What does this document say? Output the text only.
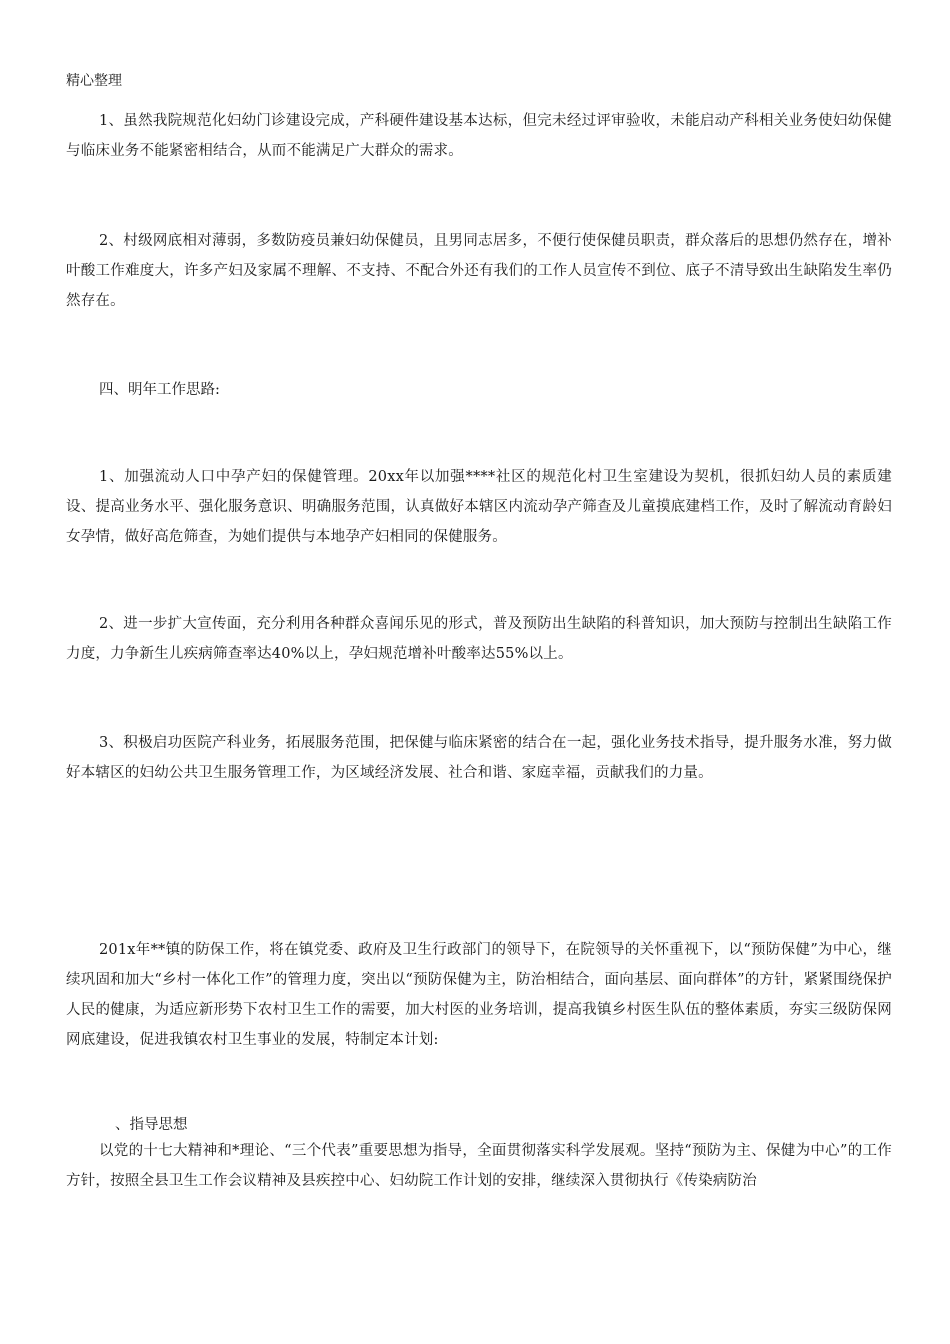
精心整理

1、虽然我院规范化妇幼门诊建设完成，产科硬件建设基本达标，但完未经过评审验收，未能启动产科相关业务使妇幼保健与临床业务不能紧密相结合，从而不能满足广大群众的需求。

2、村级网底相对薄弱，多数防疫员兼妇幼保健员，且男同志居多，不便行使保健员职责，群众落后的思想仍然存在，增补叶酸工作难度大，许多产妇及家属不理解、不支持、不配合外还有我们的工作人员宣传不到位、底子不清导致出生缺陷发生率仍然存在。

四、明年工作思路:

1、加强流动人口中孕产妇的保健管理。20xx年以加强****社区的规范化村卫生室建设为契机，很抓妇幼人员的素质建设、提高业务水平、强化服务意识、明确服务范围，认真做好本辖区内流动孕产筛查及儿童摸底建档工作，及时了解流动育龄妇女孕情，做好高危筛查，为她们提供与本地孕产妇相同的保健服务。

2、进一步扩大宣传面，充分利用各种群众喜闻乐见的形式，普及预防出生缺陷的科普知识，加大预防与控制出生缺陷工作力度，力争新生儿疾病筛查率达40%以上，孕妇规范增补叶酸率达55%以上。

3、积极启功医院产科业务，拓展服务范围，把保健与临床紧密的结合在一起，强化业务技术指导，提升服务水准，努力做好本辖区的妇幼公共卫生服务管理工作，为区域经济发展、社合和谐、家庭幸福，贡献我们的力量。

201x年**镇的防保工作，将在镇党委、政府及卫生行政部门的领导下，在院领导的关怀重视下，以“预防保健”为中心，继续巩固和加大“乡村一体化工作”的管理力度，突出以“预防保健为主，防治相结合，面向基层、面向群体”的方针，紧紧围绕保护人民的健康，为适应新形势下农村卫生工作的需要，加大村医的业务培训，提高我镇乡村医生队伍的整体素质，夯实三级防保网网底建设，促进我镇农村卫生事业的发展，特制定本计划:

、指导思想

以党的十七大精神和*理论、“三个代表”重要思想为指导，全面贯彻落实科学发展观。坚持“预防为主、保健为中心”的工作方针，按照全县卫生工作会议精神及县疾控中心、妇幼院工作计划的安排，继续深入贯彻执行《传染病防治
